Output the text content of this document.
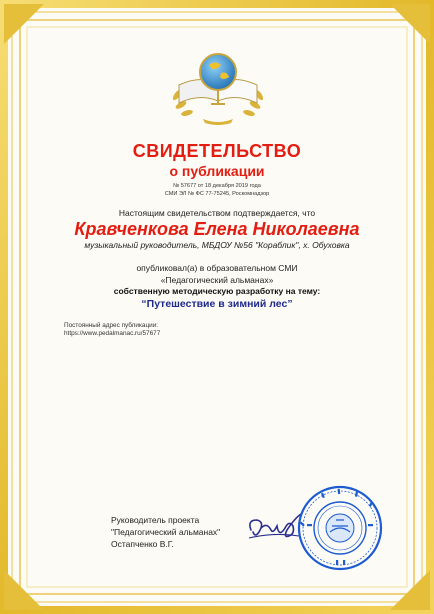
СВИДЕТЕЛЬСТВО
о публикации
№ 57677 от 18 декабря 2019 года
СМИ ЭЛ № ФС 77-75245, Роскомнадзор
Настоящим свидетельством подтверждается, что
Кравченкова Елена Николаевна
музыкальный руководитель, МБДОУ №56 "Кораблик", х. Обуховка
опубликовал(а) в образовательном СМИ
«Педагогический альманах»
собственную методическую разработку на тему:
“Путешествие в зимний лес”
Постоянный адрес публикации:
https://www.pedalmanac.ru/57677
Руководитель проекта
"Педагогический альманах"
Остапченко В.Г.
